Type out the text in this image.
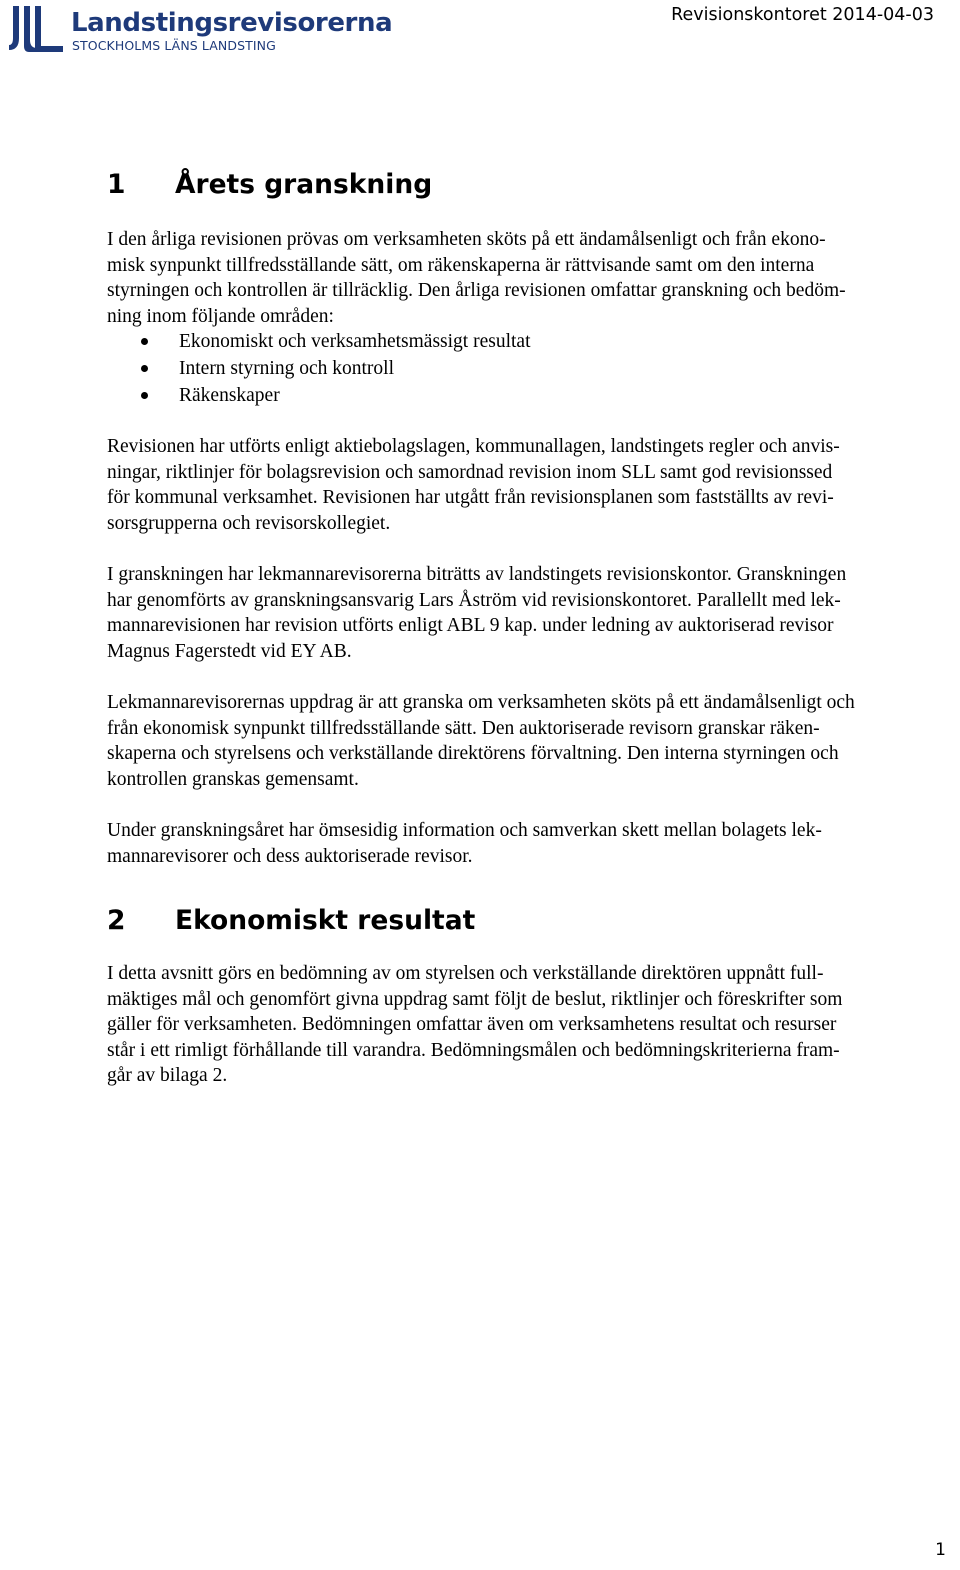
Landstingsrevisorerna
STOCKHOLMS LÄNS LANDSTING
Revisionskontoret 2014-04-03
1 Årets granskning

I den årliga revisionen prövas om verksamheten sköts på ett ändamålsenligt och från ekono-
misk synpunkt tillfredsställande sätt, om räkenskaperna är rättvisande samt om den interna
styrningen och kontrollen är tillräcklig. Den årliga revisionen omfattar granskning och bedöm-
ning inom följande områden:

Ekonomiskt och verksamhetsmässigt resultat
Intern styrning och kontroll
Räkenskaper

Revisionen har utförts enligt aktiebolagslagen, kommunallagen, landstingets regler och anvis-
ningar, riktlinjer för bolagsrevision och samordnad revision inom SLL samt god revisionssed
för kommunal verksamhet. Revisionen har utgått från revisionsplanen som fastställts av revi-
sorsgrupperna och revisorskollegiet.

I granskningen har lekmannarevisorerna biträtts av landstingets revisionskontor. Granskningen
har genomförts av granskningsansvarig Lars Åström vid revisionskontoret. Parallellt med lek-
mannarevisionen har revision utförts enligt ABL 9 kap. under ledning av auktoriserad revisor
Magnus Fagerstedt vid EY AB.

Lekmannarevisorernas uppdrag är att granska om verksamheten sköts på ett ändamålsenligt och
från ekonomisk synpunkt tillfredsställande sätt. Den auktoriserade revisorn granskar räken-
skaperna och styrelsens och verkställande direktörens förvaltning. Den interna styrningen och
kontrollen granskas gemensamt.

Under granskningsåret har ömsesidig information och samverkan skett mellan bolagets lek-
mannarevisorer och dess auktoriserade revisor.

2 Ekonomiskt resultat

I detta avsnitt görs en bedömning av om styrelsen och verkställande direktören uppnått full-
mäktiges mål och genomfört givna uppdrag samt följt de beslut, riktlinjer och föreskrifter som
gäller för verksamheten. Bedömningen omfattar även om verksamhetens resultat och resurser
står i ett rimligt förhållande till varandra. Bedömningsmålen och bedömningskriterierna fram-
går av bilaga 2.

1
